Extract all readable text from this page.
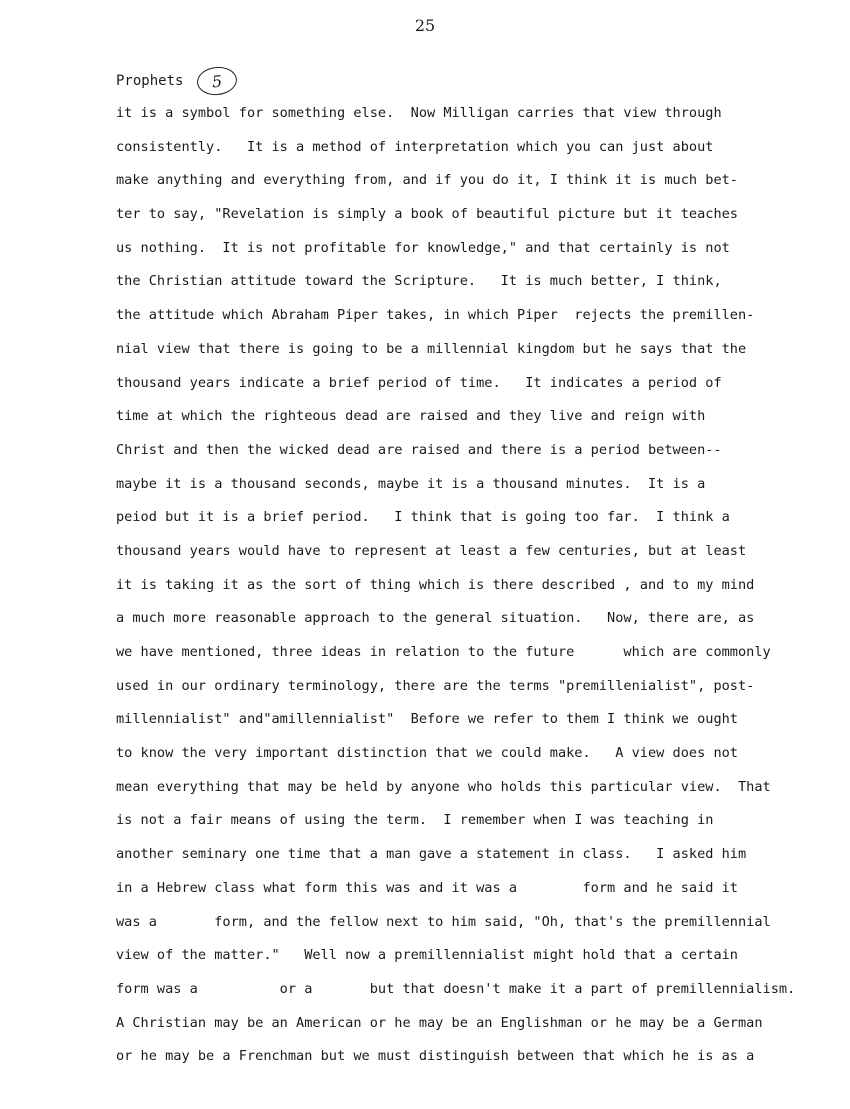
25
Prophets	5
it is a symbol for something else.  Now Milligan carries that view through
consistently.   It is a method of interpretation which you can just about
make anything and everything from, and if you do it, I think it is much bet-
ter to say, "Revelation is simply a book of beautiful picture but it teaches
us nothing.  It is not profitable for knowledge," and that certainly is not
the Christian attitude toward the Scripture.   It is much better, I think,
the attitude which Abraham Piper takes, in which Piper  rejects the premillen-
nial view that there is going to be a millennial kingdom but he says that the
thousand years indicate a brief period of time.   It indicates a period of
time at which the righteous dead are raised and they live and reign with
Christ and then the wicked dead are raised and there is a period between--
maybe it is a thousand seconds, maybe it is a thousand minutes.  It is a
peiod but it is a brief period.   I think that is going too far.  I think a
thousand years would have to represent at least a few centuries, but at least
it is taking it as the sort of thing which is there described , and to my mind
a much more reasonable approach to the general situation.   Now, there are, as
we have mentioned, three ideas in relation to the future      which are commonly
used in our ordinary terminology, there are the terms "premillenialist", post-
millennialist" and"amillennialist"  Before we refer to them I think we ought
to know the very important distinction that we could make.   A view does not
mean everything that may be held by anyone who holds this particular view.  That
is not a fair means of using the term.  I remember when I was teaching in
another seminary one time that a man gave a statement in class.   I asked him
in a Hebrew class what form this was and it was a        form and he said it
was a       form, and the fellow next to him said, "Oh, that's the premillennial
view of the matter."   Well now a premillennialist might hold that a certain
form was a          or a       but that doesn't make it a part of premillennialism.
A Christian may be an American or he may be an Englishman or he may be a German
or he may be a Frenchman but we must distinguish between that which he is as a
